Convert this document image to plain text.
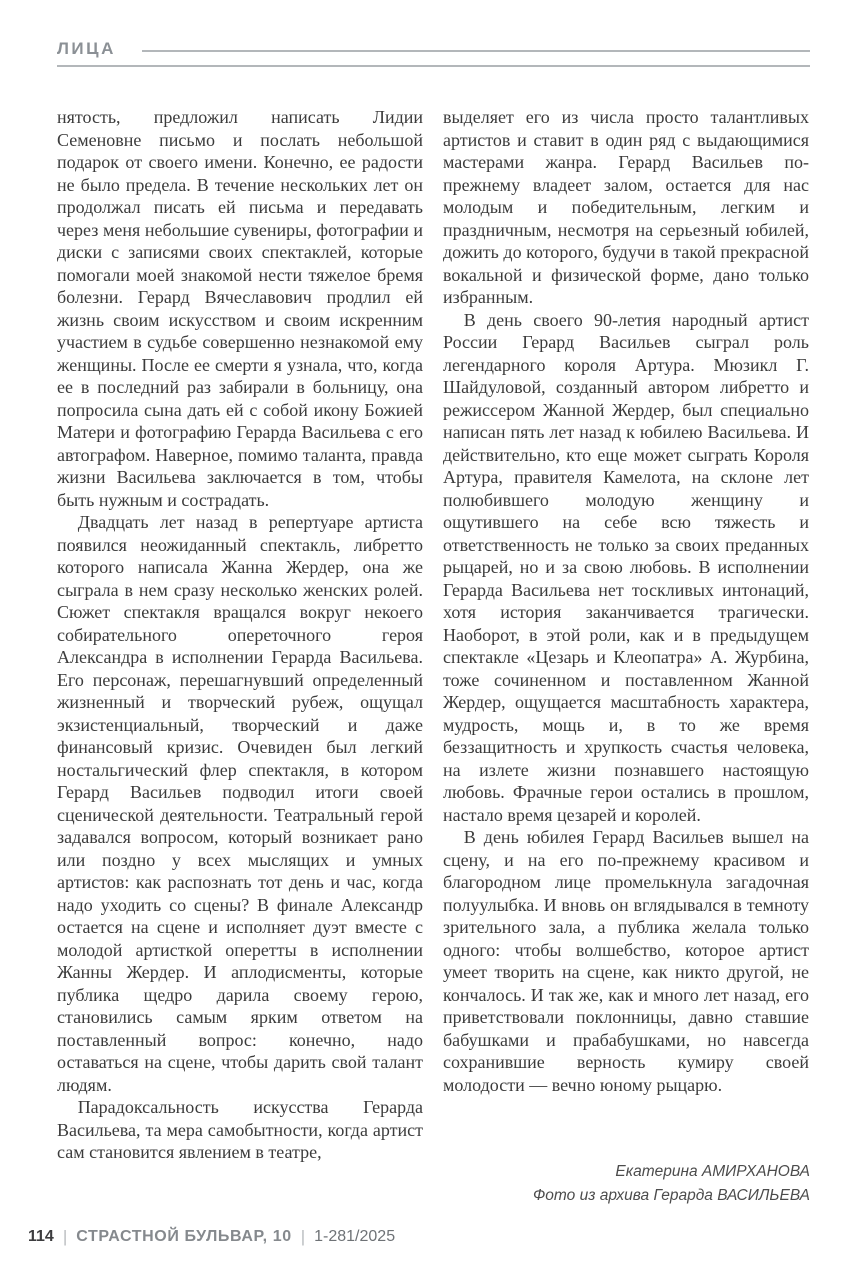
ЛИЦА

нятость, предложил написать Лидии Семеновне письмо и послать небольшой подарок от своего имени. Конечно, ее радости не было предела. В течение нескольких лет он продолжал писать ей письма и передавать через меня небольшие сувениры, фотографии и диски с записями своих спектаклей, которые помогали моей знакомой нести тяжелое бремя болезни. Герард Вячеславович продлил ей жизнь своим искусством и своим искренним участием в судьбе совершенно незнакомой ему женщины. После ее смерти я узнала, что, когда ее в последний раз забирали в больницу, она попросила сына дать ей с собой икону Божией Матери и фотографию Герарда Васильева с его автографом. Наверное, помимо таланта, правда жизни Васильева заключается в том, чтобы быть нужным и сострадать.

Двадцать лет назад в репертуаре артиста появился неожиданный спектакль, либретто которого написала Жанна Жердер, она же сыграла в нем сразу несколько женских ролей. Сюжет спектакля вращался вокруг некоего собирательного опереточного героя Александра в исполнении Герарда Васильева. Его персонаж, перешагнувший определенный жизненный и творческий рубеж, ощущал экзистенциальный, творческий и даже финансовый кризис. Очевиден был легкий ностальгический флер спектакля, в котором Герард Васильев подводил итоги своей сценической деятельности. Театральный герой задавался вопросом, который возникает рано или поздно у всех мыслящих и умных артистов: как распознать тот день и час, когда надо уходить со сцены? В финале Александр остается на сцене и исполняет дуэт вместе с молодой артисткой оперетты в исполнении Жанны Жердер. И аплодисменты, которые публика щедро дарила своему герою, становились самым ярким ответом на поставленный вопрос: конечно, надо оставаться на сцене, чтобы дарить свой талант людям.

Парадоксальность искусства Герарда Васильева, та мера самобытности, когда артист сам становится явлением в театре,

выделяет его из числа просто талантливых артистов и ставит в один ряд с выдающимися мастерами жанра. Герард Васильев по-прежнему владеет залом, остается для нас молодым и победительным, легким и праздничным, несмотря на серьезный юбилей, дожить до которого, будучи в такой прекрасной вокальной и физической форме, дано только избранным.

В день своего 90-летия народный артист России Герард Васильев сыграл роль легендарного короля Артура. Мюзикл Г. Шайдуловой, созданный автором либретто и режиссером Жанной Жердер, был специально написан пять лет назад к юбилею Васильева. И действительно, кто еще может сыграть Короля Артура, правителя Камелота, на склоне лет полюбившего молодую женщину и ощутившего на себе всю тяжесть и ответственность не только за своих преданных рыцарей, но и за свою любовь. В исполнении Герарда Васильева нет тоскливых интонаций, хотя история заканчивается трагически. Наоборот, в этой роли, как и в предыдущем спектакле «Цезарь и Клеопатра» А. Журбина, тоже сочиненном и поставленном Жанной Жердер, ощущается масштабность характера, мудрость, мощь и, в то же время беззащитность и хрупкость счастья человека, на излете жизни познавшего настоящую любовь. Фрачные герои остались в прошлом, настало время цезарей и королей.

В день юбилея Герард Васильев вышел на сцену, и на его по-прежнему красивом и благородном лице промелькнула загадочная полуулыбка. И вновь он вглядывался в темноту зрительного зала, а публика желала только одного: чтобы волшебство, которое артист умеет творить на сцене, как никто другой, не кончалось. И так же, как и много лет назад, его приветствовали поклонницы, давно ставшие бабушками и прабабушками, но навсегда сохранившие верность кумиру своей молодости — вечно юному рыцарю.

Екатерина АМИРХАНОВА
Фото из архива Герарда ВАСИЛЬЕВА
114 | СТРАСТНОЙ БУЛЬВАР, 10 | 1-281/2025
